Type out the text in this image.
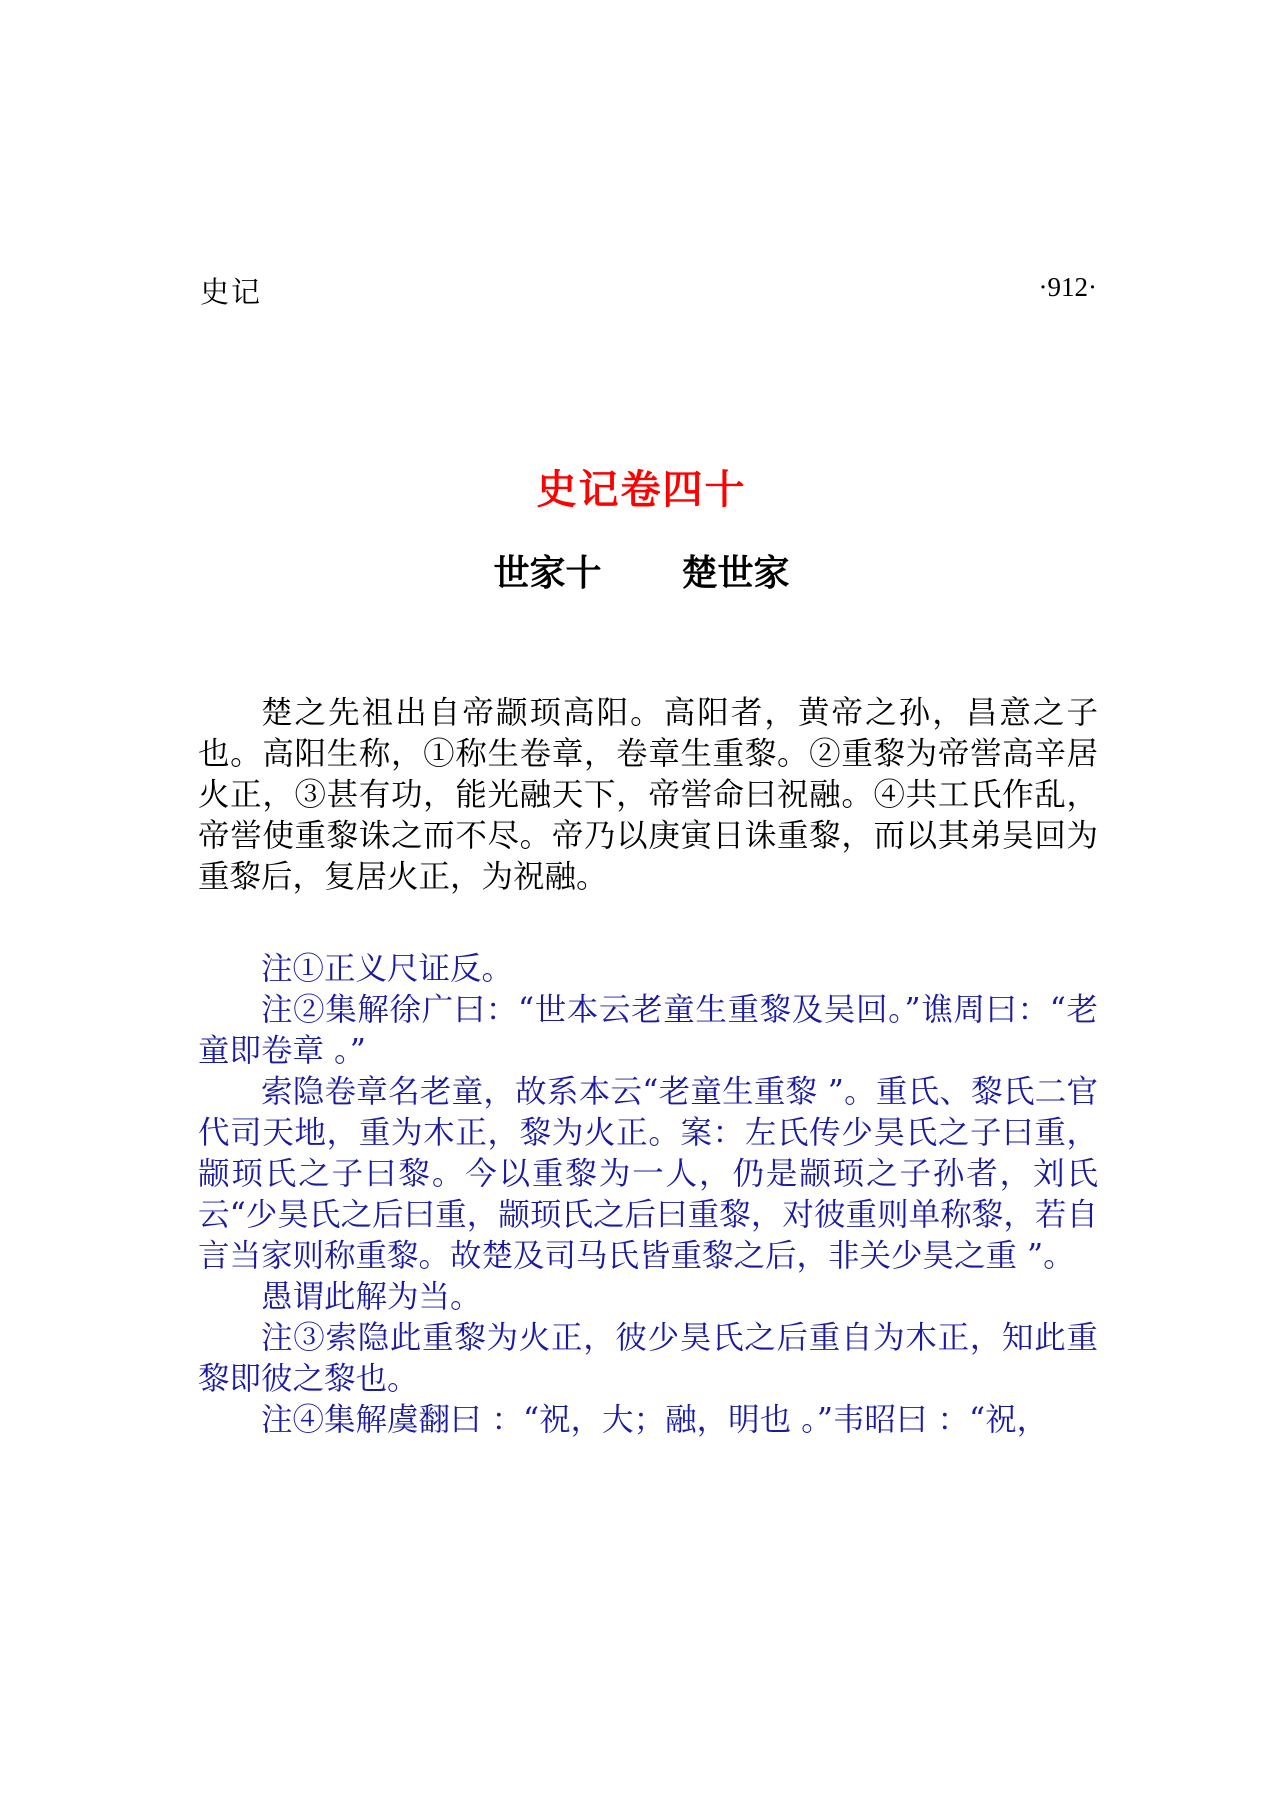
史记	·912·
史记卷四十
世家十 楚世家

楚之先祖出自帝颛顼高阳。高阳者，黄帝之孙，昌意之子也。高阳生称，①称生卷章，卷章生重黎。②重黎为帝喾高辛居火正，③甚有功，能光融天下，帝喾命曰祝融。④共工氏作乱，帝喾使重黎诛之而不尽。帝乃以庚寅日诛重黎，而以其弟吴回为重黎后，复居火正，为祝融。

注①正义尺证反。

注②集解徐广曰：“世本云老童生重黎及吴回。”谯周曰：“老童即卷章 。”

索隐卷章名老童，故系本云“老童生重黎 ”。重氏、黎氏二官代司天地，重为木正，黎为火正。案：左氏传少昊氏之子曰重，颛顼氏之子曰黎。今以重黎为一人，仍是颛顼之子孙者，刘氏云“少昊氏之后曰重，颛顼氏之后曰重黎，对彼重则单称黎，若自言当家则称重黎。故楚及司马氏皆重黎之后，非关少昊之重 ”。

愚谓此解为当。

注③索隐此重黎为火正，彼少昊氏之后重自为木正，知此重黎即彼之黎也。

注④集解虞翻曰 ：“祝，大；融，明也 。”韦昭曰 ：“祝，
